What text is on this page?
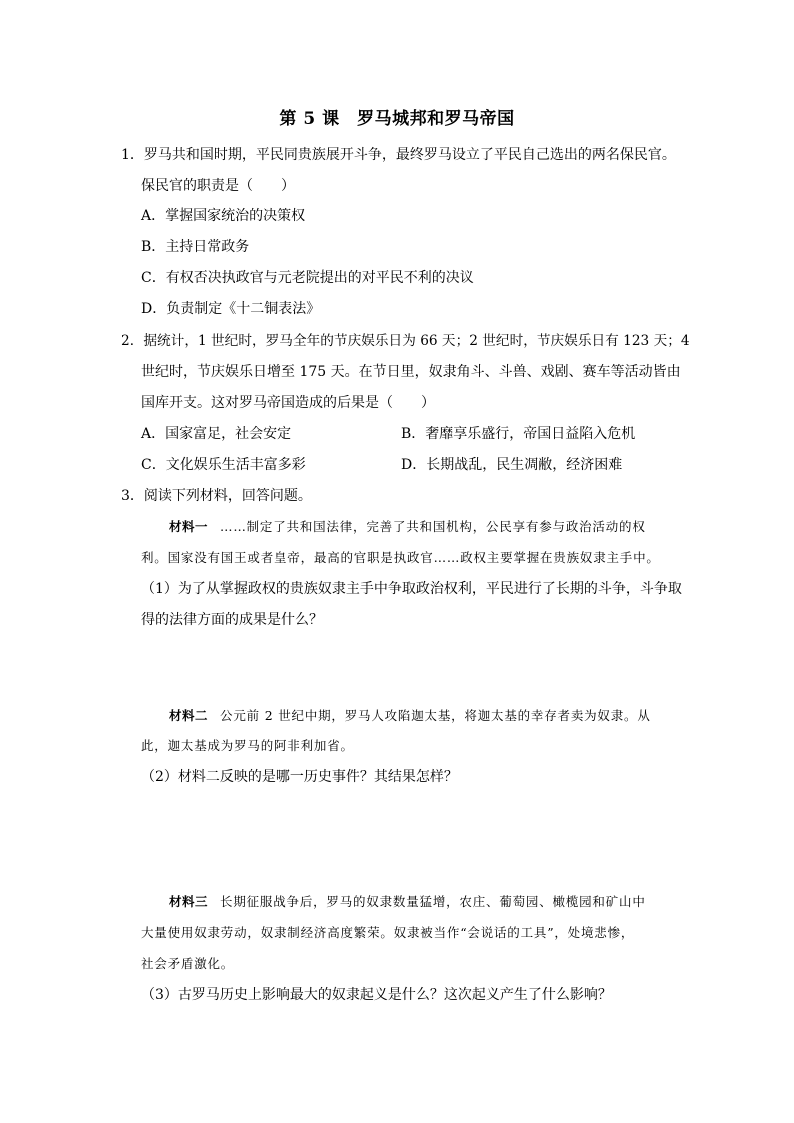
第 5 课　罗马城邦和罗马帝国
1．罗马共和国时期，平民同贵族展开斗争，最终罗马设立了平民自己选出的两名保民官。
保民官的职责是（　　）
A．掌握国家统治的决策权
B．主持日常政务
C．有权否决执政官与元老院提出的对平民不利的决议
D．负责制定《十二铜表法》
2．据统计，1 世纪时，罗马全年的节庆娱乐日为 66 天；2 世纪时，节庆娱乐日有 123 天；4
世纪时，节庆娱乐日增至 175 天。在节日里，奴隶角斗、斗兽、戏剧、赛车等活动皆由
国库开支。这对罗马帝国造成的后果是（　　）
A．国家富足，社会安定	B．奢靡享乐盛行，帝国日益陷入危机
C．文化娱乐生活丰富多彩	D．长期战乱，民生凋敝，经济困难
3．阅读下列材料，回答问题。
材料一 ……制定了共和国法律，完善了共和国机构，公民享有参与政治活动的权
利。国家没有国王或者皇帝，最高的官职是执政官……政权主要掌握在贵族奴隶主手中。
（1）为了从掌握政权的贵族奴隶主手中争取政治权利，平民进行了长期的斗争，斗争取
得的法律方面的成果是什么？
材料二 公元前 2 世纪中期，罗马人攻陷迦太基，将迦太基的幸存者卖为奴隶。从
此，迦太基成为罗马的阿非利加省。
（2）材料二反映的是哪一历史事件？其结果怎样？
材料三 长期征服战争后，罗马的奴隶数量猛增，农庄、葡萄园、橄榄园和矿山中
大量使用奴隶劳动，奴隶制经济高度繁荣。奴隶被当作“会说话的工具”，处境悲惨，
社会矛盾激化。
（3）古罗马历史上影响最大的奴隶起义是什么？这次起义产生了什么影响？
